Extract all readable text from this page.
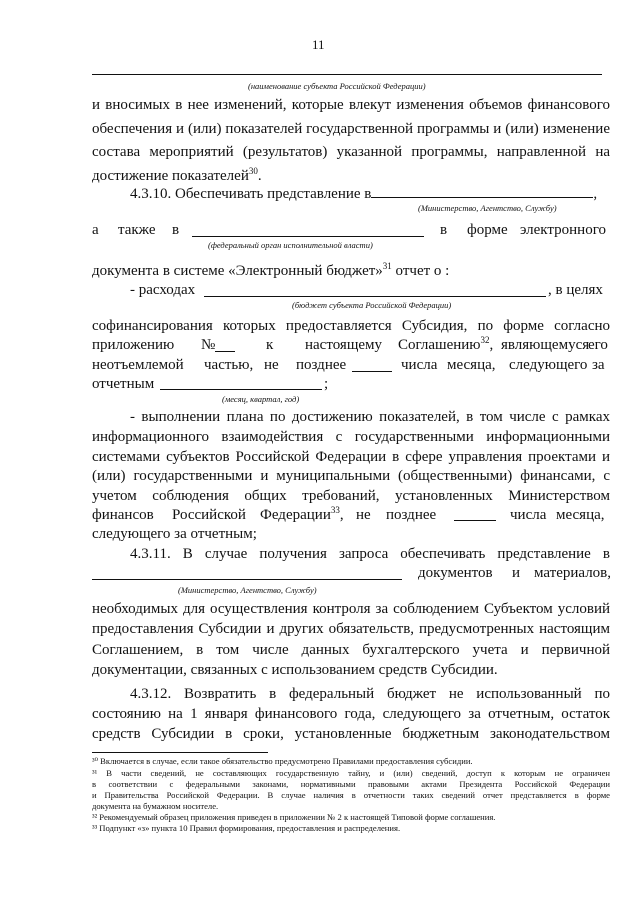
11
(наименование субъекта Российской Федерации)
и вносимых в нее изменений, которые влекут изменения объемов финансового
обеспечения и (или) показателей государственной программы и (или) изменение
состава мероприятий (результатов) указанной программы, направленной на
достижение показателей$^{30}$.
4.3.10. Обеспечивать представление в	,
(Министерство, Агентство, Службу)
а также в	в форме электронного
(федеральный орган исполнительной власти)
документа в системе «Электронный бюджет»$^{31}$ отчет о :
- расходах	, в целях
(бюджет субъекта Российской Федерации)
софинансирования которых предоставляется Субсидия, по форме согласно
приложению №	к настоящему Соглашению$^{32}$, являющемуся
его
неотъемлемой частью, не позднее	числа месяца, следующего за
отчетным	;
(месяц, квартал, год)
- выполнении плана по достижению показателей, в том числе с рамках
информационного взаимодействия с государственными информационными
системами субъектов Российской Федерации в сфере управления проектами и
(или) государственными и муниципальными (общественными) финансами, с
учетом соблюдения общих требований, установленных Министерством
финансов Российской Федерации$^{33}$, не позднее	числа месяца,
следующего за отчетным;
4.3.11. В случае получения запроса обеспечивать представление в
документов и материалов,
(Министерство, Агентство, Службу)
необходимых для осуществления контроля за соблюдением Субъектом условий
предоставления Субсидии и других обязательств, предусмотренных настоящим
Соглашением, в том числе данных бухгалтерского учета и первичной
документации, связанных с использованием средств Субсидии.
4.3.12. Возвратить в федеральный бюджет не использованный по
состоянию на 1 января финансового года, следующего за отчетным, остаток
средств Субсидии в сроки, установленные бюджетным законодательством
³⁰ Включается в случае, если такое обязательство предусмотрено Правилами предоставления субсидии.
³¹ В части сведений, не составляющих государственную тайну, и (или) сведений, доступ к которым не ограничен
в соответствии с федеральными законами, нормативными правовыми актами Президента Российской Федерации
и Правительства Российской Федерации. В случае наличия в отчетности таких сведений отчет представляется в форме
документа на бумажном носителе.
³² Рекомендуемый образец приложения приведен в приложении № 2 к настоящей Типовой форме соглашения.
³³ Подпункт «з» пункта 10 Правил формирования, предоставления и распределения.
